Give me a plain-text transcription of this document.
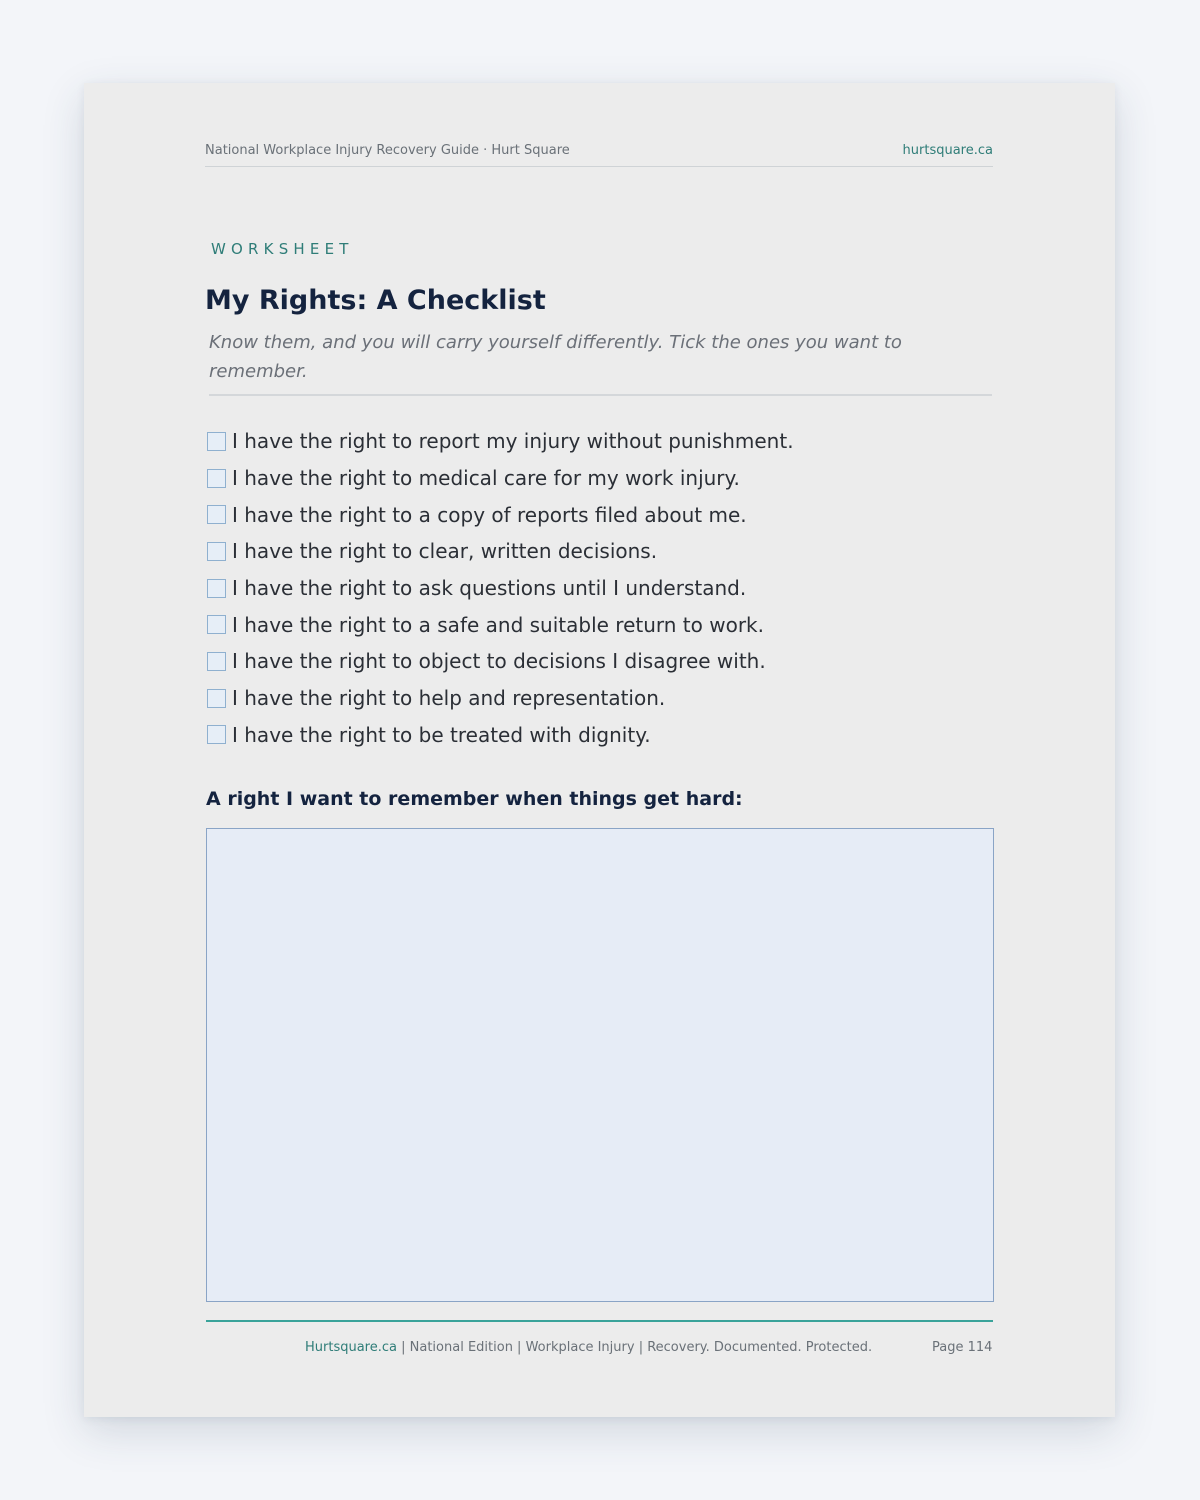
National Workplace Injury Recovery Guide · Hurt Square	hurtsquare.ca
WORKSHEET
My Rights: A Checklist

Know them, and you will carry yourself differently. Tick the ones you want to remember.

I have the right to report my injury without punishment.
I have the right to medical care for my work injury.
I have the right to a copy of reports filed about me.
I have the right to clear, written decisions.
I have the right to ask questions until I understand.
I have the right to a safe and suitable return to work.
I have the right to object to decisions I disagree with.
I have the right to help and representation.
I have the right to be treated with dignity.
A right I want to remember when things get hard:
Hurtsquare.ca | National Edition | Workplace Injury | Recovery. Documented. Protected.	Page 114
